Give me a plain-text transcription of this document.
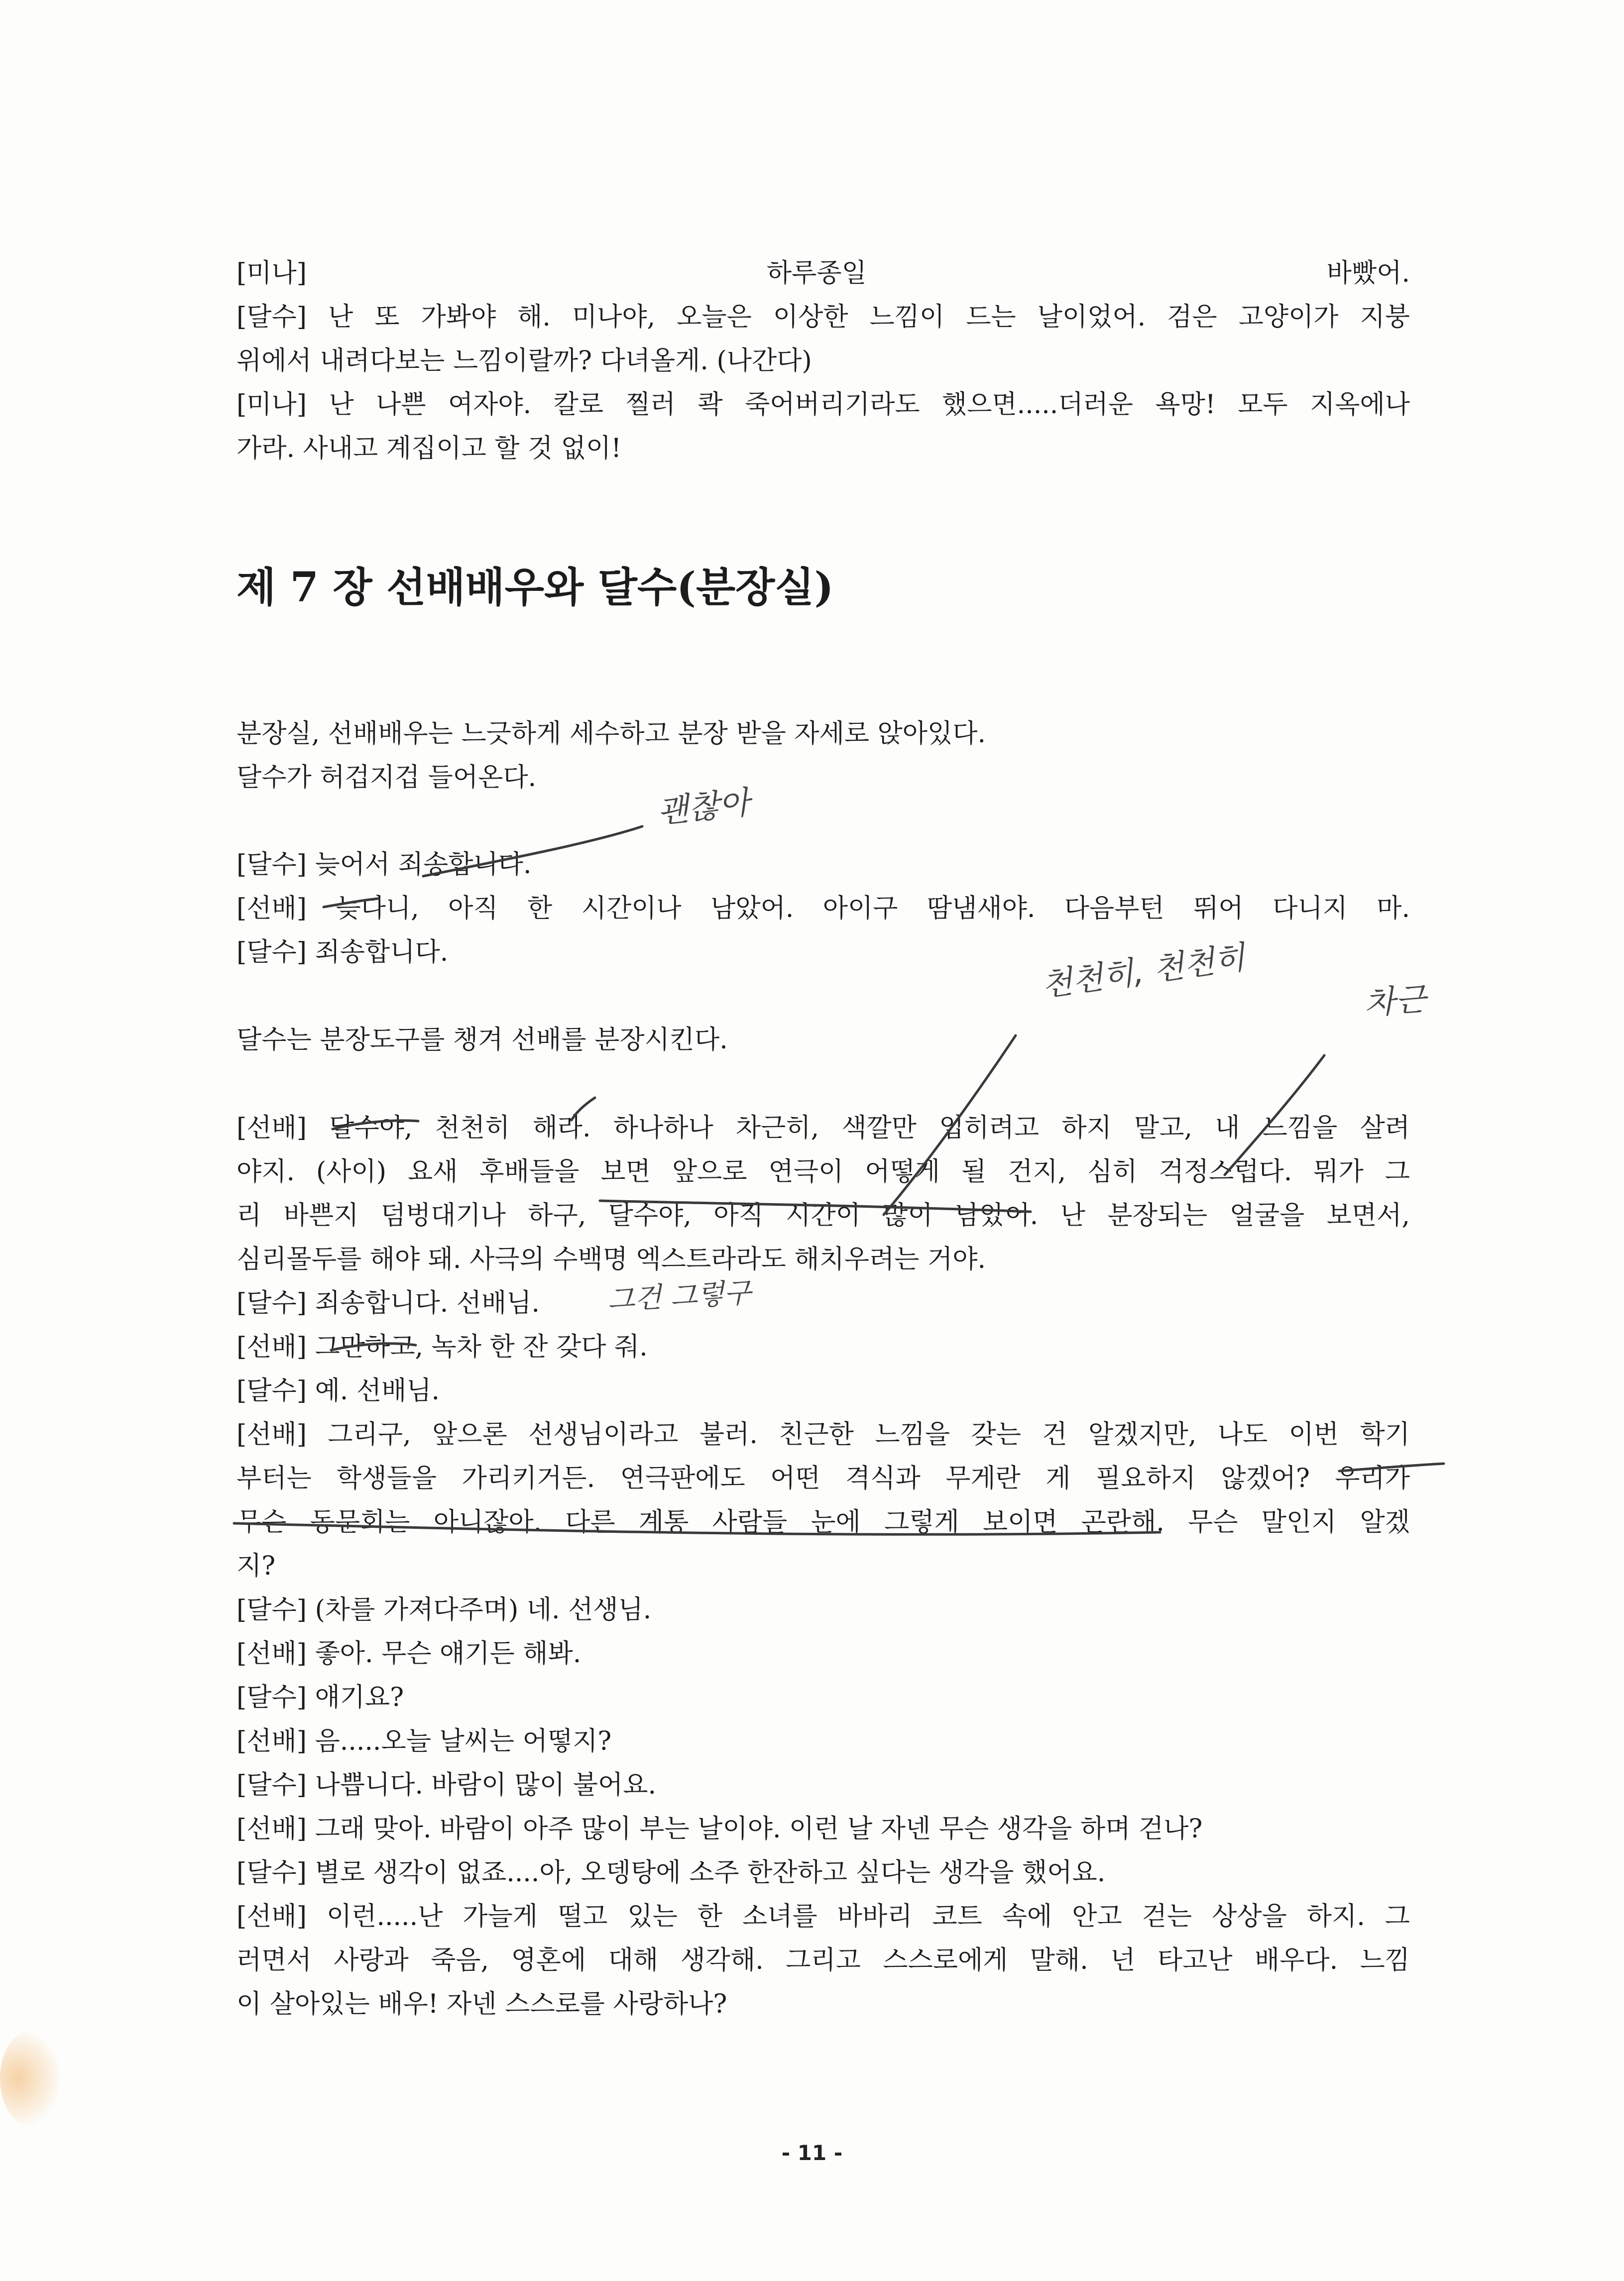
[미나] 하루종일 바빴어.
[달수] 난 또 가봐야 해. 미나야, 오늘은 이상한 느낌이 드는 날이었어. 검은 고양이가 지붕
위에서 내려다보는 느낌이랄까? 다녀올게. (나간다)
[미나] 난 나쁜 여자야. 칼로 찔러 콱 죽어버리기라도 했으면.....더러운 욕망! 모두 지옥에나
가라. 사내고 계집이고 할 것 없이!
제 7 장 선배배우와 달수(분장실)
분장실, 선배배우는 느긋하게 세수하고 분장 받을 자세로 앉아있다.
달수가 허겁지겁 들어온다.
[달수] 늦어서 죄송합니다.
[선배] 늦다니, 아직 한 시간이나 남았어. 아이구 땀냄새야. 다음부턴 뛰어 다니지 마.
[달수] 죄송합니다.
달수는 분장도구를 챙겨 선배를 분장시킨다.
[선배] 달수야, 천천히 해라. 하나하나 차근히, 색깔만 입히려고 하지 말고, 내 느낌을 살려
야지. (사이) 요새 후배들을 보면 앞으로 연극이 어떻게 될 건지, 심히 걱정스럽다. 뭐가 그
리 바쁜지 덤벙대기나 하구, 달수야, 아직 시간이 많이 남았어. 난 분장되는 얼굴을 보면서,
심리몰두를 해야 돼. 사극의 수백명 엑스트라라도 해치우려는 거야.
[달수] 죄송합니다. 선배님.
[선배] 그만하고, 녹차 한 잔 갖다 줘.
[달수] 예. 선배님.
[선배] 그리구, 앞으론 선생님이라고 불러. 친근한 느낌을 갖는 건 알겠지만, 나도 이번 학기
부터는 학생들을 가리키거든. 연극판에도 어떤 격식과 무게란 게 필요하지 않겠어? 우리가
무슨 동문회는 아니잖아. 다른 계통 사람들 눈에 그렇게 보이면 곤란해. 무슨 말인지 알겠
지?
[달수] (차를 가져다주며) 네. 선생님.
[선배] 좋아. 무슨 얘기든 해봐.
[달수] 얘기요?
[선배] 음.....오늘 날씨는 어떻지?
[달수] 나쁩니다. 바람이 많이 불어요.
[선배] 그래 맞아. 바람이 아주 많이 부는 날이야. 이런 날 자넨 무슨 생각을 하며 걷나?
[달수] 별로 생각이 없죠....아, 오뎅탕에 소주 한잔하고 싶다는 생각을 했어요.
[선배] 이런.....난 가늘게 떨고 있는 한 소녀를 바바리 코트 속에 안고 걷는 상상을 하지. 그
러면서 사랑과 죽음, 영혼에 대해 생각해. 그리고 스스로에게 말해. 넌 타고난 배우다. 느낌
이 살아있는 배우! 자넨 스스로를 사랑하나?
괜찮아
천천히, 천천히	차근
그건 그렇구
- 11 -
